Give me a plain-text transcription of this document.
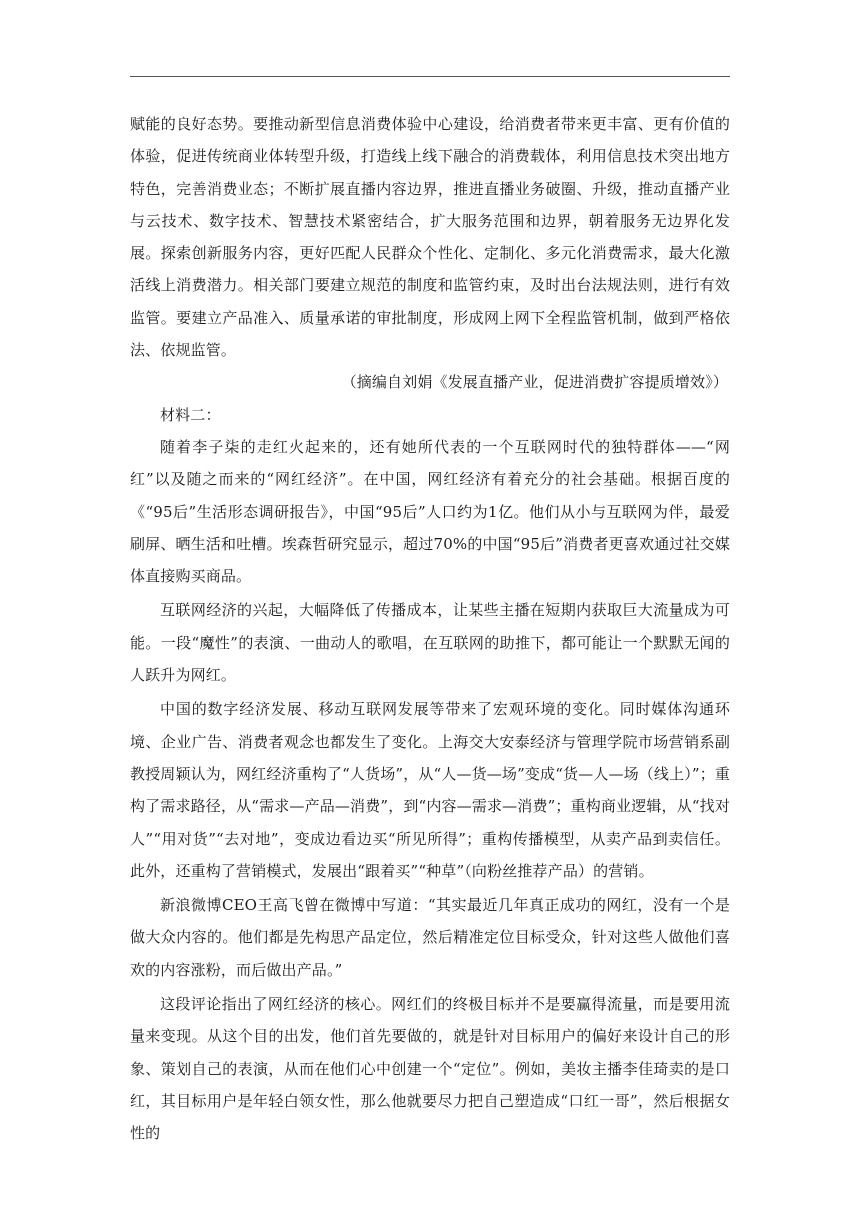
赋能的良好态势。要推动新型信息消费体验中心建设，给消费者带来更丰富、更有价值的体验，促进传统商业体转型升级，打造线上线下融合的消费载体，利用信息技术突出地方特色，完善消费业态；不断扩展直播内容边界，推进直播业务破圈、升级，推动直播产业与云技术、数字技术、智慧技术紧密结合，扩大服务范围和边界，朝着服务无边界化发展。探索创新服务内容，更好匹配人民群众个性化、定制化、多元化消费需求，最大化激活线上消费潜力。相关部门要建立规范的制度和监管约束，及时出台法规法则，进行有效监管。要建立产品准入、质量承诺的审批制度，形成网上网下全程监管机制，做到严格依法、依规监管。

（摘编自刘娟《发展直播产业，促进消费扩容提质增效》）

材料二：

随着李子柒的走红火起来的，还有她所代表的一个互联网时代的独特群体——“网红”以及随之而来的“网红经济”。在中国，网红经济有着充分的社会基础。根据百度的《“95后”生活形态调研报告》，中国“95后”人口约为1亿。他们从小与互联网为伴，最爱刷屏、晒生活和吐槽。埃森哲研究显示，超过70%的中国“95后”消费者更喜欢通过社交媒体直接购买商品。

互联网经济的兴起，大幅降低了传播成本，让某些主播在短期内获取巨大流量成为可能。一段“魔性”的表演、一曲动人的歌唱，在互联网的助推下，都可能让一个默默无闻的人跃升为网红。

中国的数字经济发展、移动互联网发展等带来了宏观环境的变化。同时媒体沟通环境、企业广告、消费者观念也都发生了变化。上海交大安泰经济与管理学院市场营销系副教授周颖认为，网红经济重构了“人货场”，从“人—货—场”变成“货—人—场（线上）”；重构了需求路径，从“需求—产品—消费”，到“内容—需求—消费”；重构商业逻辑，从“找对人”“用对货”“去对地”，变成边看边买“所见所得”；重构传播模型，从卖产品到卖信任。此外，还重构了营销模式，发展出“跟着买”“种草”（向粉丝推荐产品）的营销。

新浪微博CEO王高飞曾在微博中写道：“其实最近几年真正成功的网红，没有一个是做大众内容的。他们都是先构思产品定位，然后精准定位目标受众，针对这些人做他们喜欢的内容涨粉，而后做出产品。”

这段评论指出了网红经济的核心。网红们的终极目标并不是要赢得流量，而是要用流量来变现。从这个目的出发，他们首先要做的，就是针对目标用户的偏好来设计自己的形象、策划自己的表演，从而在他们心中创建一个“定位”。例如，美妆主播李佳琦卖的是口红，其目标用户是年轻白领女性，那么他就要尽力把自己塑造成“口红一哥”，然后根据女性的
